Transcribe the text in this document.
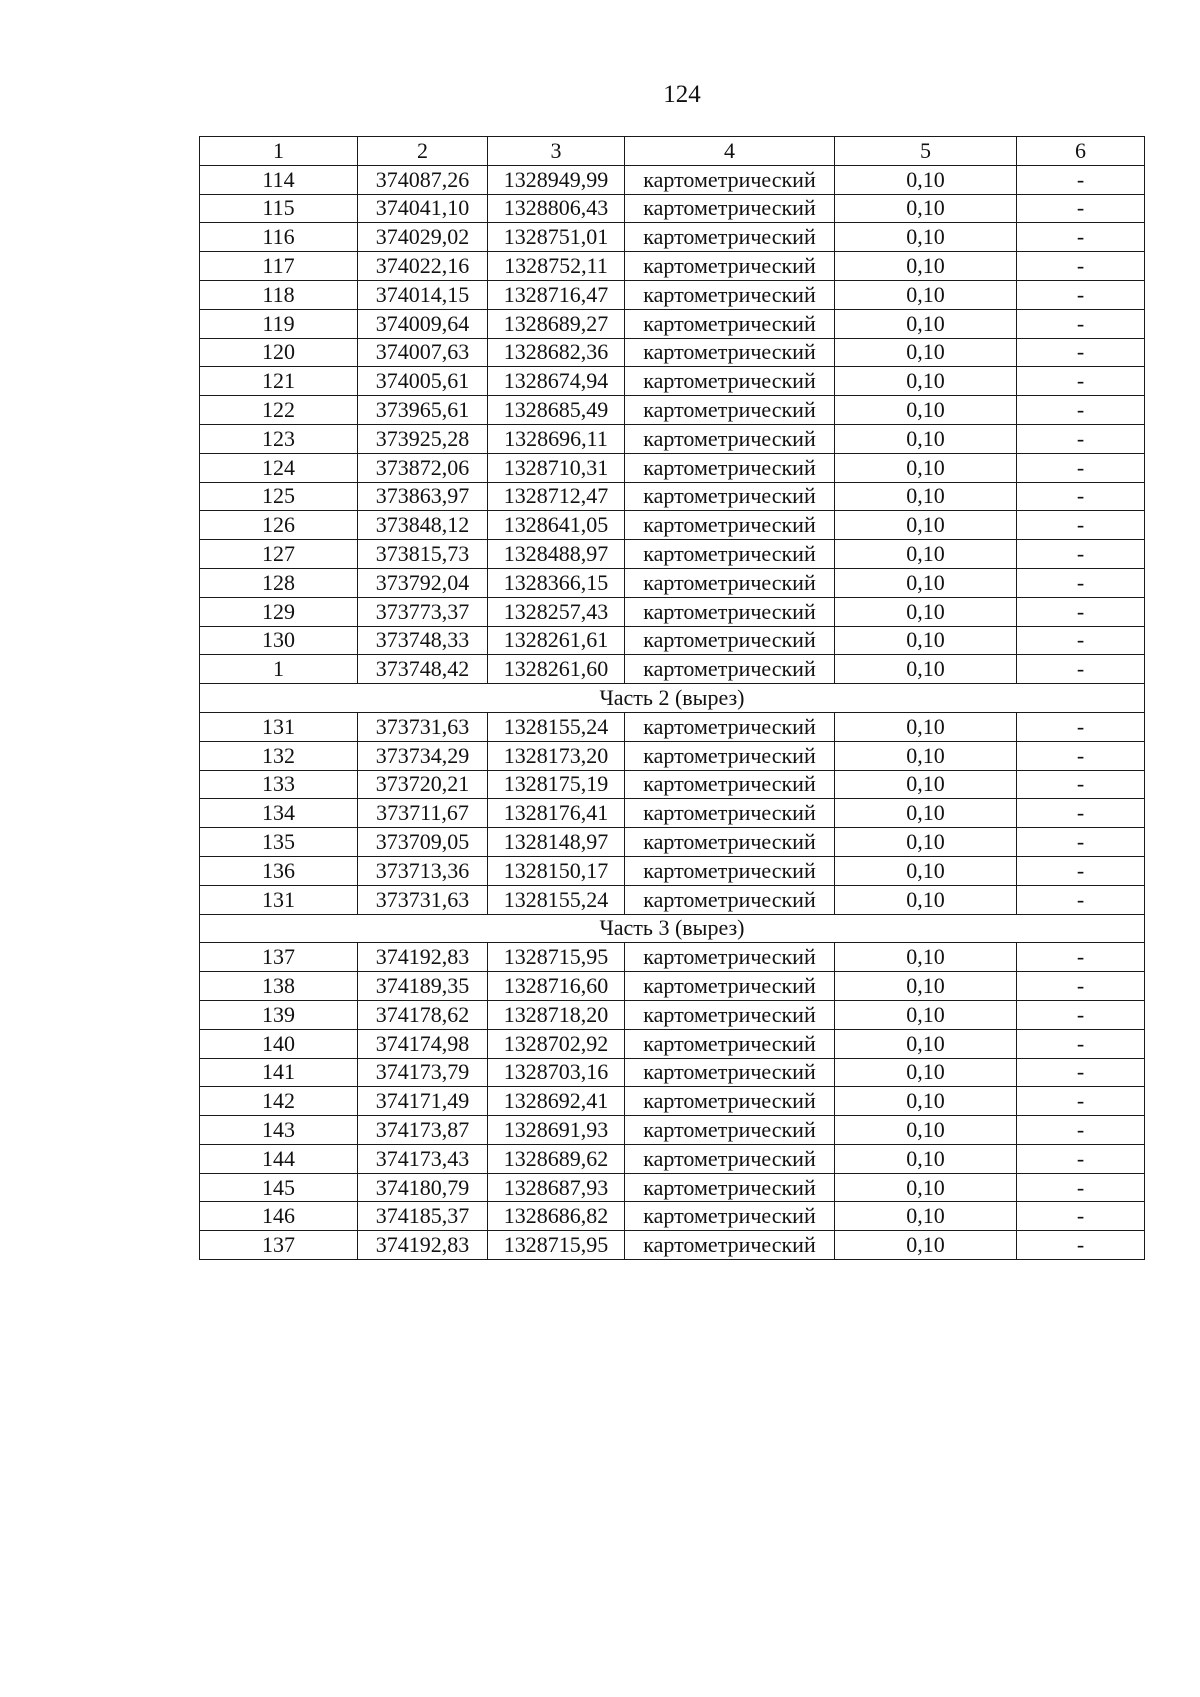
124
1	2	3	4	5	6
114	374087,26	1328949,99	картометрический	0,10	-
115	374041,10	1328806,43	картометрический	0,10	-
116	374029,02	1328751,01	картометрический	0,10	-
117	374022,16	1328752,11	картометрический	0,10	-
118	374014,15	1328716,47	картометрический	0,10	-
119	374009,64	1328689,27	картометрический	0,10	-
120	374007,63	1328682,36	картометрический	0,10	-
121	374005,61	1328674,94	картометрический	0,10	-
122	373965,61	1328685,49	картометрический	0,10	-
123	373925,28	1328696,11	картометрический	0,10	-
124	373872,06	1328710,31	картометрический	0,10	-
125	373863,97	1328712,47	картометрический	0,10	-
126	373848,12	1328641,05	картометрический	0,10	-
127	373815,73	1328488,97	картометрический	0,10	-
128	373792,04	1328366,15	картометрический	0,10	-
129	373773,37	1328257,43	картометрический	0,10	-
130	373748,33	1328261,61	картометрический	0,10	-
1	373748,42	1328261,60	картометрический	0,10	-
Часть 2 (вырез)					
131	373731,63	1328155,24	картометрический	0,10	-
132	373734,29	1328173,20	картометрический	0,10	-
133	373720,21	1328175,19	картометрический	0,10	-
134	373711,67	1328176,41	картометрический	0,10	-
135	373709,05	1328148,97	картометрический	0,10	-
136	373713,36	1328150,17	картометрический	0,10	-
131	373731,63	1328155,24	картометрический	0,10	-
Часть 3 (вырез)					
137	374192,83	1328715,95	картометрический	0,10	-
138	374189,35	1328716,60	картометрический	0,10	-
139	374178,62	1328718,20	картометрический	0,10	-
140	374174,98	1328702,92	картометрический	0,10	-
141	374173,79	1328703,16	картометрический	0,10	-
142	374171,49	1328692,41	картометрический	0,10	-
143	374173,87	1328691,93	картометрический	0,10	-
144	374173,43	1328689,62	картометрический	0,10	-
145	374180,79	1328687,93	картометрический	0,10	-
146	374185,37	1328686,82	картометрический	0,10	-
137	374192,83	1328715,95	картометрический	0,10	-
